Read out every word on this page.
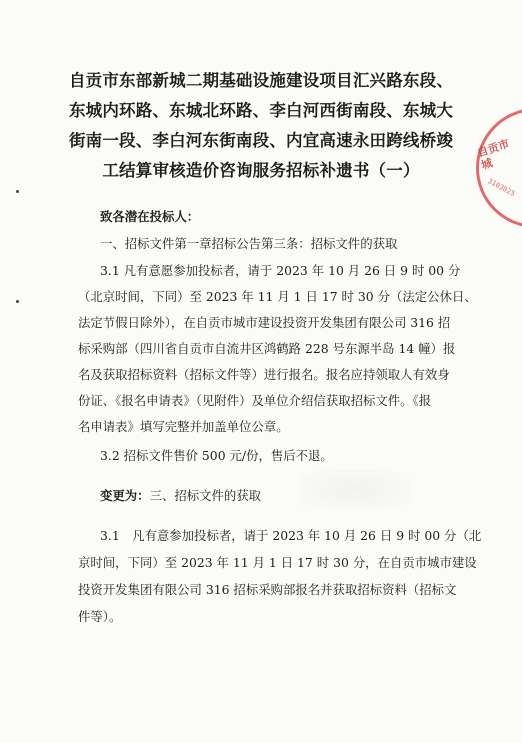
自贡市东部新城二期基础设施建设项目汇兴路东段、
东城内环路、东城北环路、李白河西街南段、东城大
街南一段、李白河东街南段、内宜高速永田跨线桥竣
工结算审核造价咨询服务招标补遗书（一）
致各潜在投标人：
一、招标文件第一章招标公告第三条：招标文件的获取
3.1 凡有意愿参加投标者，请于 2023 年 10 月 26 日 9 时 00 分
（北京时间，下同）至 2023 年 11 月 1 日 17 时 30 分（法定公休日、
法定节假日除外），在自贡市城市建设投资开发集团有限公司 316 招
标采购部（四川省自贡市自流井区鸿鹤路 228 号东源半岛 14 幢）报
名及获取招标资料（招标文件等）进行报名。报名应持领取人有效身
份证、《报名申请表》（见附件）及单位介绍信获取招标文件。《报
名申请表》填写完整并加盖单位公章。
3.2 招标文件售价 500 元/份，售后不退。
变更为：三、招标文件的获取
3.1　凡有意参加投标者，请于 2023 年 10 月 26 日 9 时 00 分（北
京时间，下同）至 2023 年 11 月 1 日 17 时 30 分，在自贡市城市建设
投资开发集团有限公司 316 招标采购部报名并获取招标资料（招标文
件等）。
自贡市城
3103025
